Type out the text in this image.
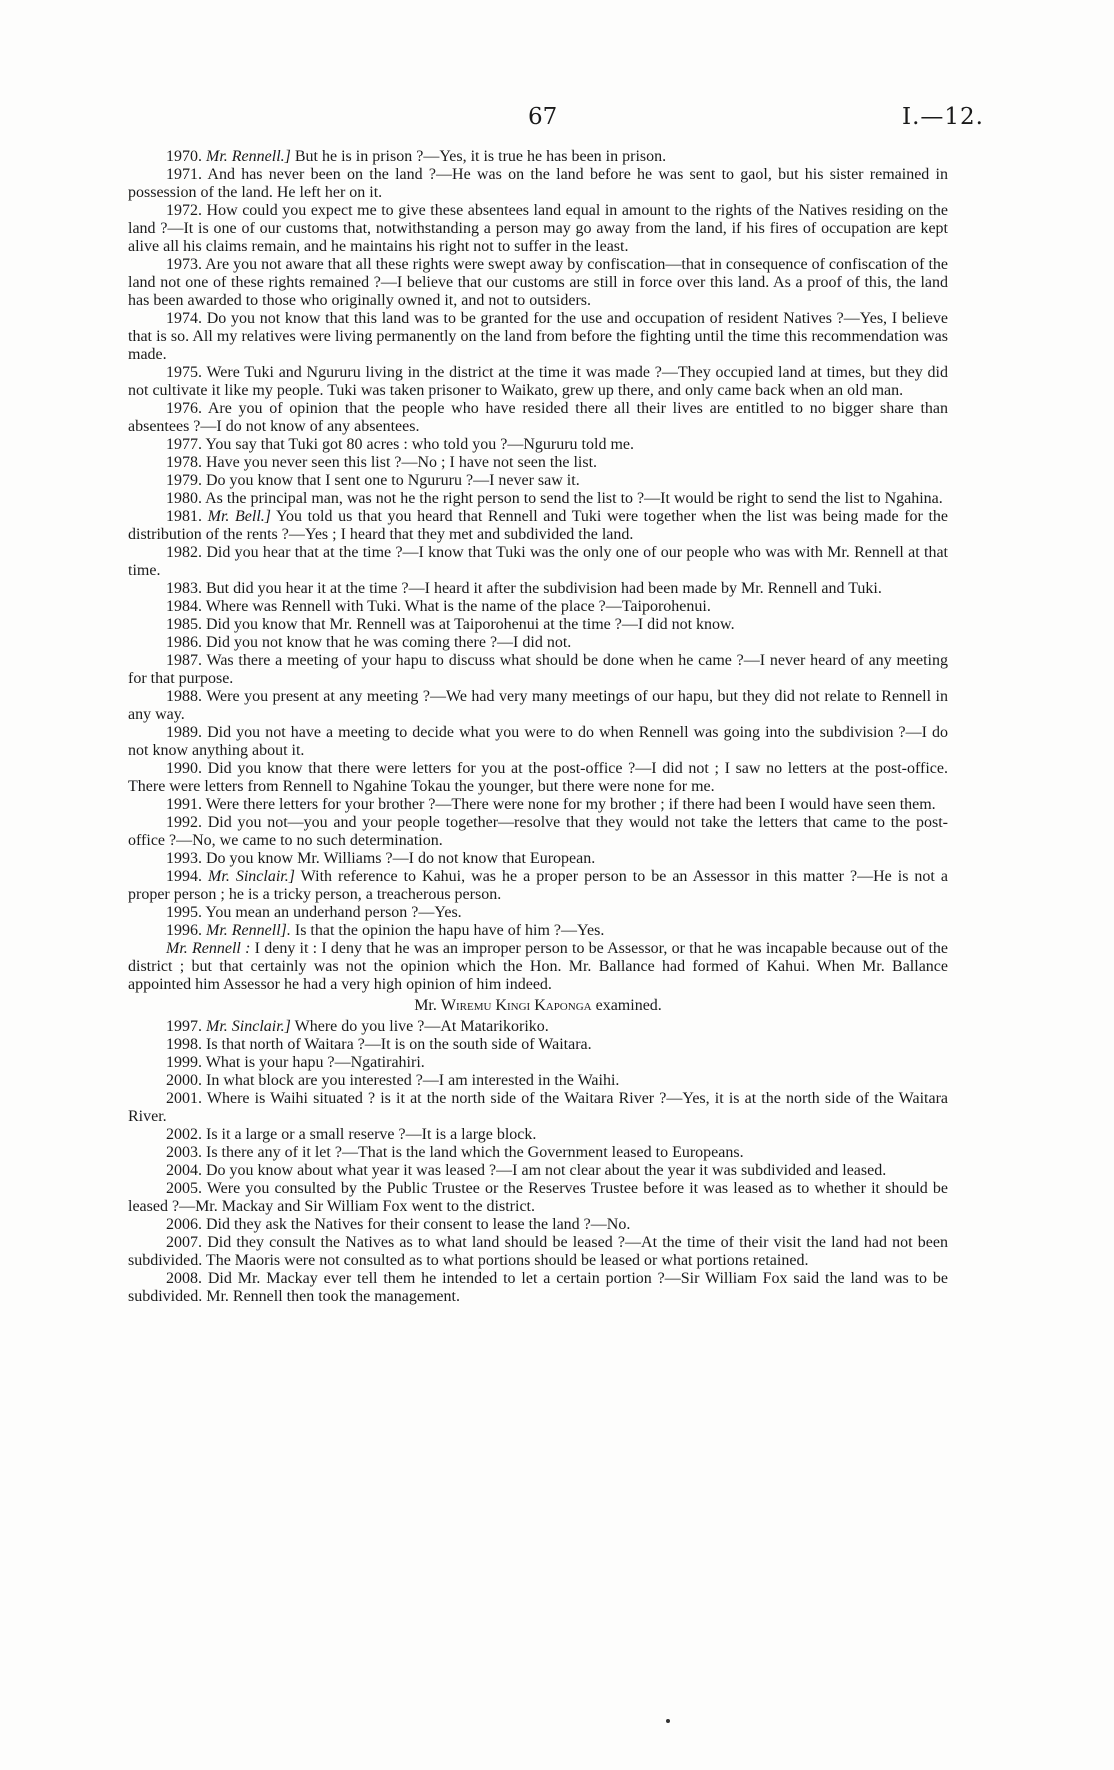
67	I.—12.

1970. Mr. Rennell.] But he is in prison ?—Yes, it is true he has been in prison.

1971. And has never been on the land ?—He was on the land before he was sent to gaol, but his sister remained in possession of the land. He left her on it.

1972. How could you expect me to give these absentees land equal in amount to the rights of the Natives residing on the land ?—It is one of our customs that, notwithstanding a person may go away from the land, if his fires of occupation are kept alive all his claims remain, and he maintains his right not to suffer in the least.

1973. Are you not aware that all these rights were swept away by confiscation—that in consequence of confiscation of the land not one of these rights remained ?—I believe that our customs are still in force over this land. As a proof of this, the land has been awarded to those who originally owned it, and not to outsiders.

1974. Do you not know that this land was to be granted for the use and occupation of resident Natives ?—Yes, I believe that is so. All my relatives were living permanently on the land from before the fighting until the time this recommendation was made.

1975. Were Tuki and Ngururu living in the district at the time it was made ?—They occupied land at times, but they did not cultivate it like my people. Tuki was taken prisoner to Waikato, grew up there, and only came back when an old man.

1976. Are you of opinion that the people who have resided there all their lives are entitled to no bigger share than absentees ?—I do not know of any absentees.

1977. You say that Tuki got 80 acres : who told you ?—Ngururu told me.

1978. Have you never seen this list ?—No ; I have not seen the list.

1979. Do you know that I sent one to Ngururu ?—I never saw it.

1980. As the principal man, was not he the right person to send the list to ?—It would be right to send the list to Ngahina.

1981. Mr. Bell.] You told us that you heard that Rennell and Tuki were together when the list was being made for the distribution of the rents ?—Yes ; I heard that they met and subdivided the land.

1982. Did you hear that at the time ?—I know that Tuki was the only one of our people who was with Mr. Rennell at that time.

1983. But did you hear it at the time ?—I heard it after the subdivision had been made by Mr. Rennell and Tuki.

1984. Where was Rennell with Tuki. What is the name of the place ?—Taiporohenui.

1985. Did you know that Mr. Rennell was at Taiporohenui at the time ?—I did not know.

1986. Did you not know that he was coming there ?—I did not.

1987. Was there a meeting of your hapu to discuss what should be done when he came ?—I never heard of any meeting for that purpose.

1988. Were you present at any meeting ?—We had very many meetings of our hapu, but they did not relate to Rennell in any way.

1989. Did you not have a meeting to decide what you were to do when Rennell was going into the subdivision ?—I do not know anything about it.

1990. Did you know that there were letters for you at the post-office ?—I did not ; I saw no letters at the post-office. There were letters from Rennell to Ngahine Tokau the younger, but there were none for me.

1991. Were there letters for your brother ?—There were none for my brother ; if there had been I would have seen them.

1992. Did you not—you and your people together—resolve that they would not take the letters that came to the post-office ?—No, we came to no such determination.

1993. Do you know Mr. Williams ?—I do not know that European.

1994. Mr. Sinclair.] With reference to Kahui, was he a proper person to be an Assessor in this matter ?—He is not a proper person ; he is a tricky person, a treacherous person.

1995. You mean an underhand person ?—Yes.

1996. Mr. Rennell]. Is that the opinion the hapu have of him ?—Yes.

Mr. Rennell : I deny it : I deny that he was an improper person to be Assessor, or that he was incapable because out of the district ; but that certainly was not the opinion which the Hon. Mr. Ballance had formed of Kahui. When Mr. Ballance appointed him Assessor he had a very high opinion of him indeed.

Mr. Wiremu Kingi Kaponga examined.

1997. Mr. Sinclair.] Where do you live ?—At Matarikoriko.

1998. Is that north of Waitara ?—It is on the south side of Waitara.

1999. What is your hapu ?—Ngatirahiri.

2000. In what block are you interested ?—I am interested in the Waihi.

2001. Where is Waihi situated ? is it at the north side of the Waitara River ?—Yes, it is at the north side of the Waitara River.

2002. Is it a large or a small reserve ?—It is a large block.

2003. Is there any of it let ?—That is the land which the Government leased to Europeans.

2004. Do you know about what year it was leased ?—I am not clear about the year it was subdivided and leased.

2005. Were you consulted by the Public Trustee or the Reserves Trustee before it was leased as to whether it should be leased ?—Mr. Mackay and Sir William Fox went to the district.

2006. Did they ask the Natives for their consent to lease the land ?—No.

2007. Did they consult the Natives as to what land should be leased ?—At the time of their visit the land had not been subdivided. The Maoris were not consulted as to what portions should be leased or what portions retained.

2008. Did Mr. Mackay ever tell them he intended to let a certain portion ?—Sir William Fox said the land was to be subdivided. Mr. Rennell then took the management.
